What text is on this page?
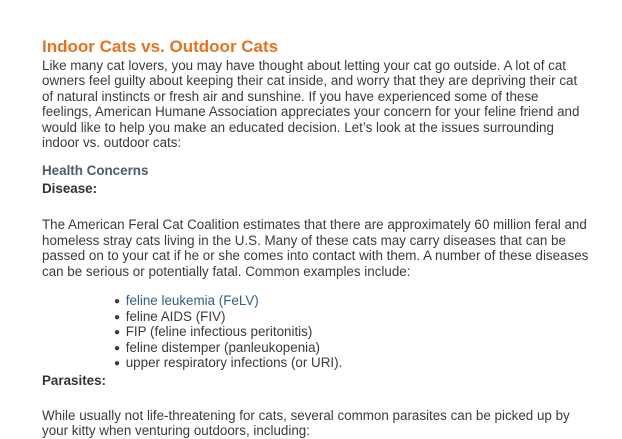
Indoor Cats vs. Outdoor Cats

Like many cat lovers, you may have thought about letting your cat go outside. A lot of cat owners feel guilty about keeping their cat inside, and worry that they are depriving their cat of natural instincts or fresh air and sunshine. If you have experienced some of these feelings, American Humane Association appreciates your concern for your feline friend and would like to help you make an educated decision. Let’s look at the issues surrounding indoor vs. outdoor cats:

Health Concerns
Disease:

The American Feral Cat Coalition estimates that there are approximately 60 million feral and homeless stray cats living in the U.S. Many of these cats may carry diseases that can be passed on to your cat if he or she comes into contact with them. A number of these diseases can be serious or potentially fatal. Common examples include:

● feline leukemia (FeLV)
● feline AIDS (FIV)
● FIP (feline infectious peritonitis)
● feline distemper (panleukopenia)
● upper respiratory infections (or URI).
Parasites:

While usually not life-threatening for cats, several common parasites can be picked up by your kitty when venturing outdoors, including:
